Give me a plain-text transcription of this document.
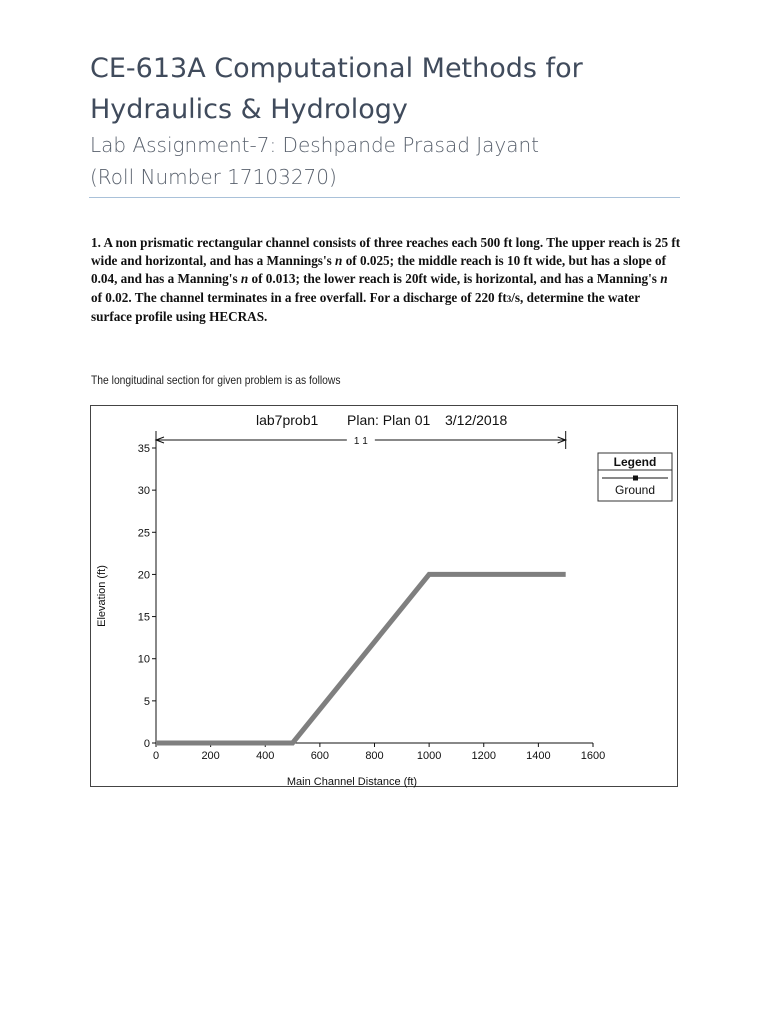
CE-613A Computational Methods for
Hydraulics & Hydrology
Lab Assignment-7: Deshpande Prasad Jayant
(Roll Number 17103270)

1. A non prismatic rectangular channel consists of three reaches each 500 ft long. The upper reach is 25 ft wide and horizontal, and has a Mannings's n of 0.025; the middle reach is 10 ft wide, but has a slope of 0.04, and has a Manning's n of 0.013; the lower reach is 20ft wide, is horizontal, and has a Manning's n of 0.02. The channel terminates in a free overfall. For a discharge of 220 ft3/s, determine the water surface profile using HECRAS.

The longitudinal section for given problem is as follows
lab7prob1 Plan: Plan 01 3/12/2018
Legend
Ground
0
5
10
15
20
25
30
35
0	200	400	600	800	1000	1200	1400	1600
Main Channel Distance (ft)
Elevation (ft)
1 1
